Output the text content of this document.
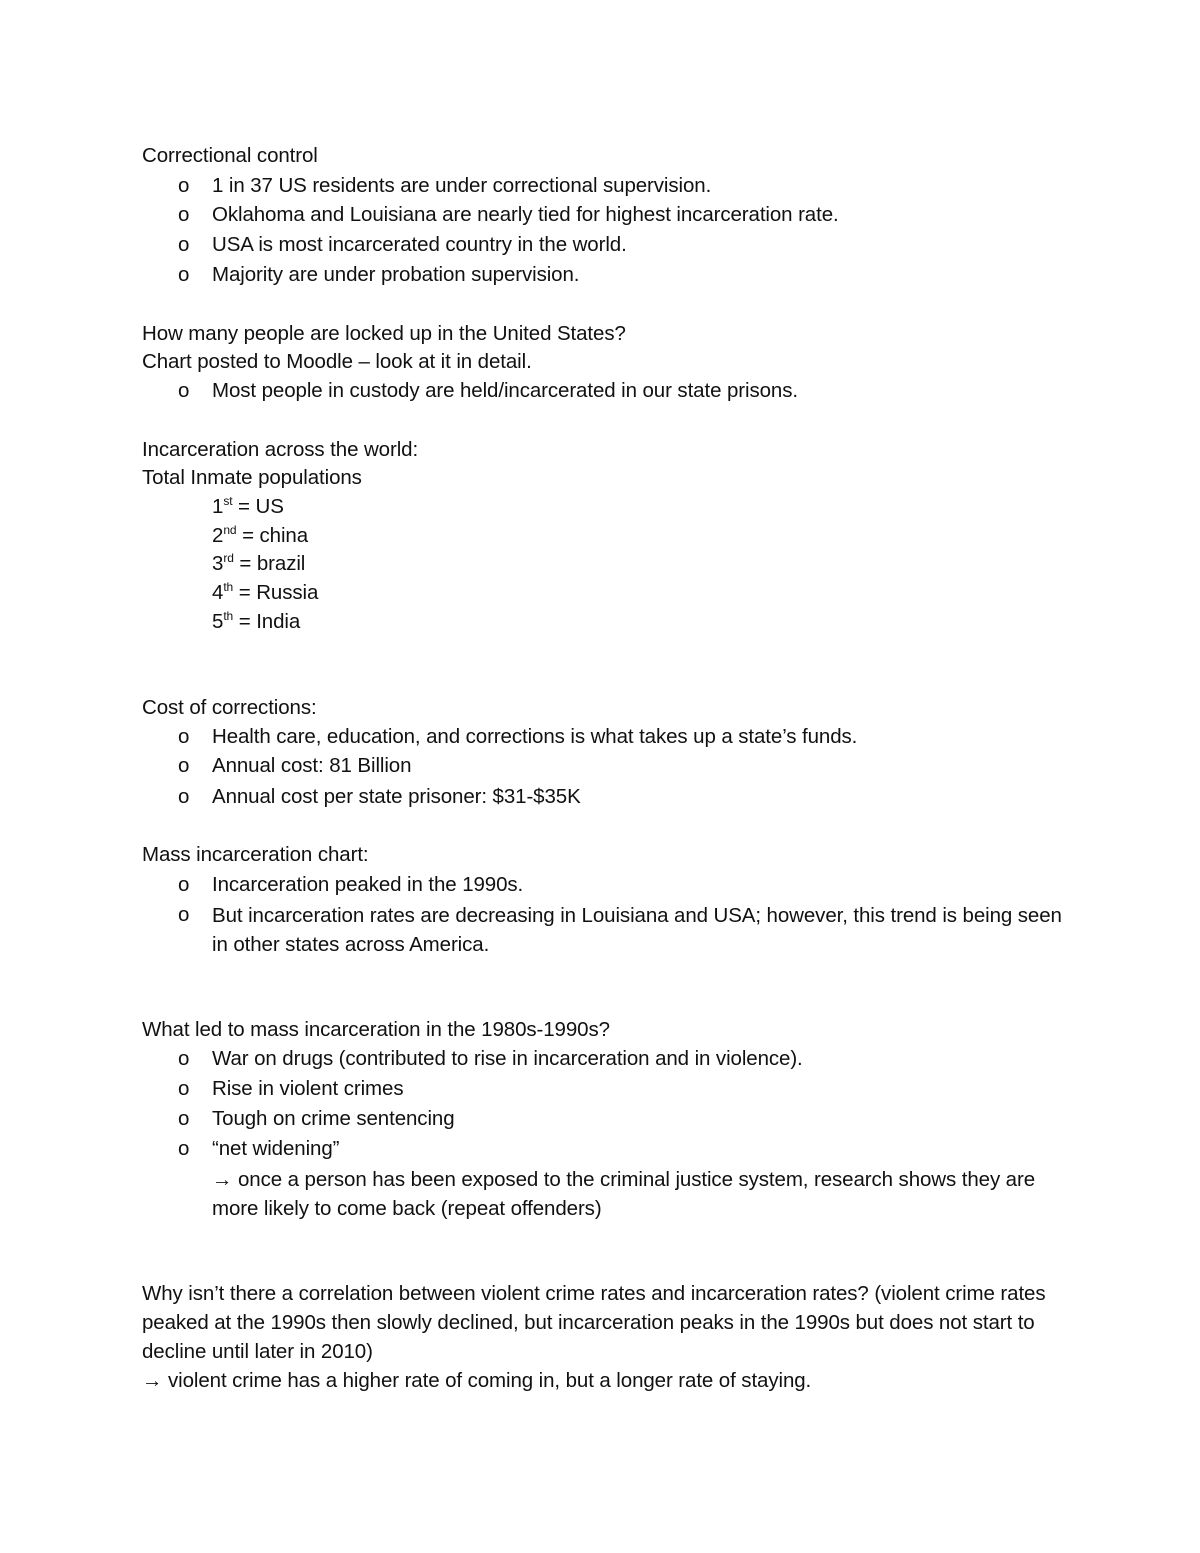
Correctional control

o 1 in 37 US residents are under correctional supervision.

o Oklahoma and Louisiana are nearly tied for highest incarceration rate.

o USA is most incarcerated country in the world.

o Majority are under probation supervision.

How many people are locked up in the United States?

Chart posted to Moodle – look at it in detail.

o Most people in custody are held/incarcerated in our state prisons.

Incarceration across the world:

Total Inmate populations

1st = US

2nd = china

3rd = brazil

4th = Russia

5th = India

Cost of corrections:

o Health care, education, and corrections is what takes up a state’s funds.

o Annual cost: 81 Billion

o Annual cost per state prisoner: $31-$35K

Mass incarceration chart:

o Incarceration peaked in the 1990s.

o But incarceration rates are decreasing in Louisiana and USA; however, this trend is being seen in other states across America.

What led to mass incarceration in the 1980s-1990s?

o War on drugs (contributed to rise in incarceration and in violence).

o Rise in violent crimes

o Tough on crime sentencing

o “net widening”

→ once a person has been exposed to the criminal justice system, research shows they are more likely to come back (repeat offenders)

Why isn’t there a correlation between violent crime rates and incarceration rates? (violent crime rates peaked at the 1990s then slowly declined, but incarceration peaks in the 1990s but does not start to decline until later in 2010)

→ violent crime has a higher rate of coming in, but a longer rate of staying.
